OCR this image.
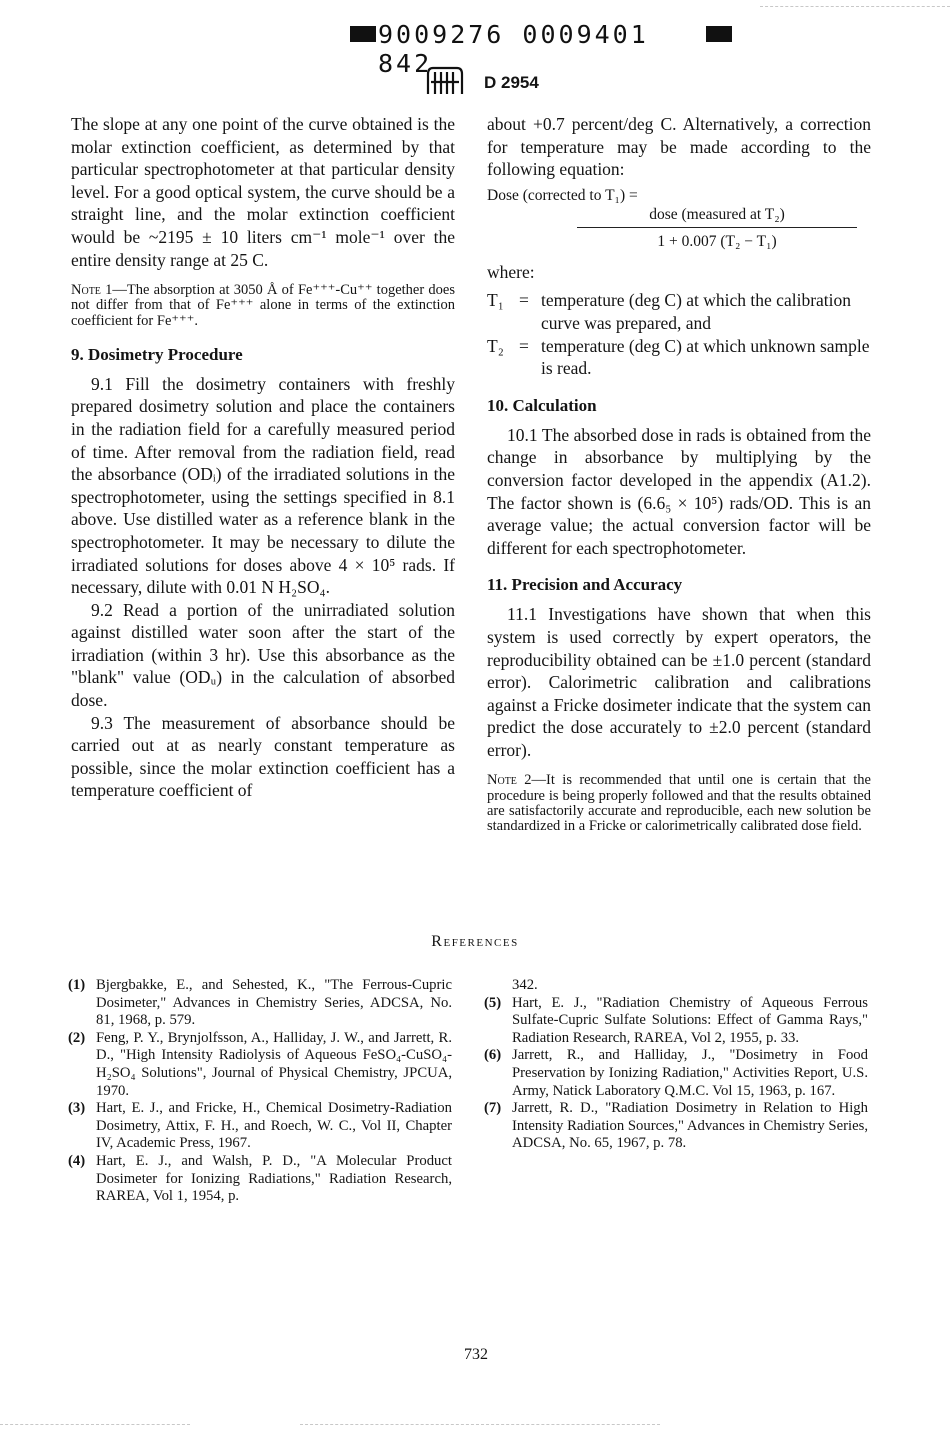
9009276 0009401 842
D 2954

The slope at any one point of the curve obtained is the molar extinction coefficient, as determined by that particular spectrophotometer at that particular density level. For a good optical system, the curve should be a straight line, and the molar extinction coefficient would be ~2195 ± 10 liters cm⁻¹ mole⁻¹ over the entire density range at 25 C.

Note 1—The absorption at 3050 Å of Fe⁺⁺⁺-Cu⁺⁺ together does not differ from that of Fe⁺⁺⁺ alone in terms of the extinction coefficient for Fe⁺⁺⁺.

9. Dosimetry Procedure

9.1 Fill the dosimetry containers with freshly prepared dosimetry solution and place the containers in the radiation field for a carefully measured period of time. After removal from the radiation field, read the absorbance (ODᵢ) of the irradiated solutions in the spectrophotometer, using the settings specified in 8.1 above. Use distilled water as a reference blank in the spectrophotometer. It may be necessary to dilute the irradiated solutions for doses above 4 × 10⁵ rads. If necessary, dilute with 0.01 N H₂SO₄.

9.2 Read a portion of the unirradiated solution against distilled water soon after the start of the irradiation (within 3 hr). Use this absorbance as the "blank" value (ODᵤ) in the calculation of absorbed dose.

9.3 The measurement of absorbance should be carried out at as nearly constant temperature as possible, since the molar extinction coefficient has a temperature coefficient of

about +0.7 percent/deg C. Alternatively, a correction for temperature may be made according to the following equation:

Dose (corrected to T₁) =

dose (measured at T₂)
1 + 0.007 (T₂ − T₁)

where:

T₁ = temperature (deg C) at which the calibration curve was prepared, and
T₂ = temperature (deg C) at which unknown sample is read.
10. Calculation

10.1 The absorbed dose in rads is obtained from the change in absorbance by multiplying by the conversion factor developed in the appendix (A1.2). The factor shown is (6.6₅ × 10⁵) rads/OD. This is an average value; the actual conversion factor will be different for each spectrophotometer.

11. Precision and Accuracy

11.1 Investigations have shown that when this system is used correctly by expert operators, the reproducibility obtained can be ±1.0 percent (standard error). Calorimetric calibration and calibrations against a Fricke dosimeter indicate that the system can predict the dose accurately to ±2.0 percent (standard error).

Note 2—It is recommended that until one is certain that the procedure is being properly followed and that the results obtained are satisfactorily accurate and reproducible, each new solution be standardized in a Fricke or calorimetrically calibrated dose field.

References
(1) Bjergbakke, E., and Sehested, K., "The Ferrous-Cupric Dosimeter," Advances in Chemistry Series, ADCSA, No. 81, 1968, p. 579.
(2) Feng, P. Y., Brynjolfsson, A., Halliday, J. W., and Jarrett, R. D., "High Intensity Radiolysis of Aqueous FeSO₄-CuSO₄-H₂SO₄ Solutions", Journal of Physical Chemistry, JPCUA, 1970.
(3) Hart, E. J., and Fricke, H., Chemical Dosimetry-Radiation Dosimetry, Attix, F. H., and Roech, W. C., Vol II, Chapter IV, Academic Press, 1967.
(4) Hart, E. J., and Walsh, P. D., "A Molecular Product Dosimeter for Ionizing Radiations," Radiation Research, RAREA, Vol 1, 1954, p.
342.
(5) Hart, E. J., "Radiation Chemistry of Aqueous Ferrous Sulfate-Cupric Sulfate Solutions: Effect of Gamma Rays," Radiation Research, RAREA, Vol 2, 1955, p. 33.
(6) Jarrett, R., and Halliday, J., "Dosimetry in Food Preservation by Ionizing Radiation," Activities Report, U.S. Army, Natick Laboratory Q.M.C. Vol 15, 1963, p. 167.
(7) Jarrett, R. D., "Radiation Dosimetry in Relation to High Intensity Radiation Sources," Advances in Chemistry Series, ADCSA, No. 65, 1967, p. 78.
732
